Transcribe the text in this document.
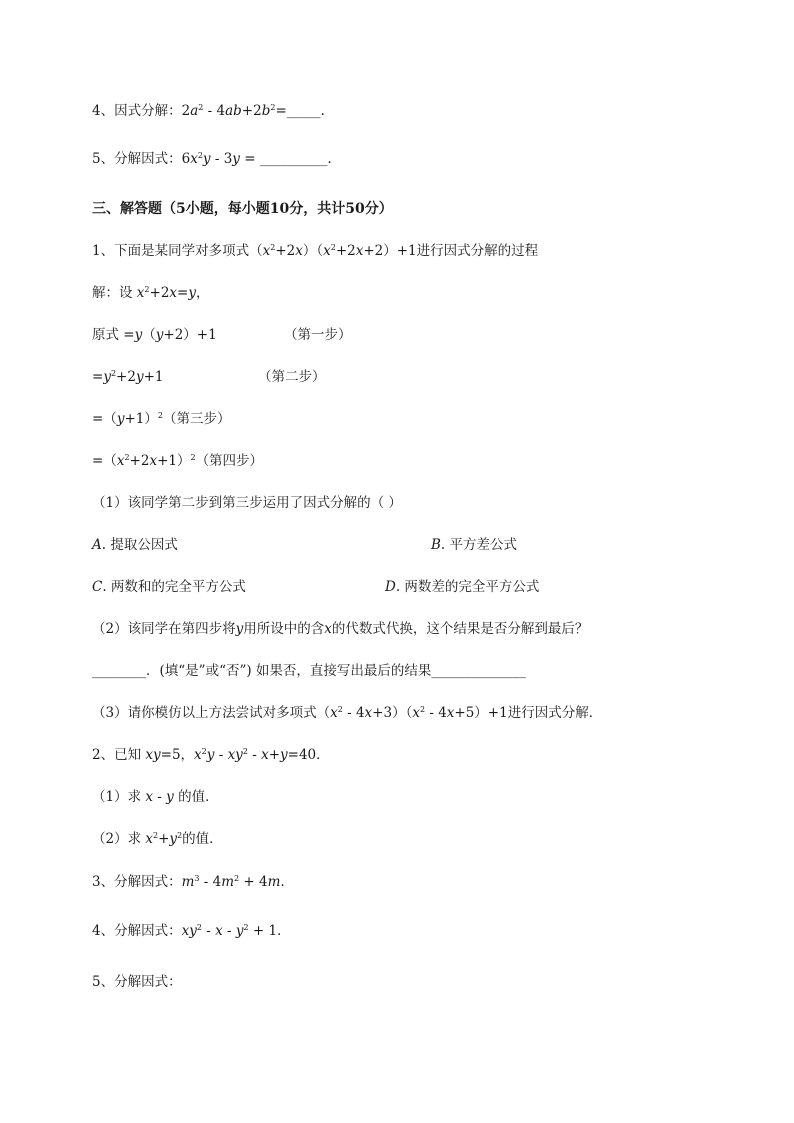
4、因式分解：$2a^2$ - $4ab+2b^2=\_\_\_\_\_$.
5、分解因式：$6x^2y - 3y$ = __________.
三、解答题（5小题，每小题10分，共计50分）
1、下面是某同学对多项式$(x^2+2x)(x^2+2x+2)+1$进行因式分解的过程
解：设 $x^2+2x=y$，
原式 =y（y+2）+1	（第一步）
$=y^2+2y+1$	（第二步）
$=(y+1)^2$（第三步）
$=(x^2+2x+1)^2$（第四步）
（1）该同学第二步到第三步运用了因式分解的（ ）
A. 提取公因式	B. 平方差公式
C. 两数和的完全平方公式	D. 两数差的完全平方公式
（2）该同学在第四步将y用所设中的含x的代数式代换，这个结果是否分解到最后？
________．(填“是”或“否”) 如果否，直接写出最后的结果______________
（3）请你模仿以上方法尝试对多项式$(x^2 - 4x+3)(x^2 - 4x+5)+1$进行因式分解．
2、已知 xy=5，$x^2y - xy^2 - x+y=40$．
（1）求 x - y 的值．
（2）求 $x^2+y^2$的值．
3、分解因式：$m^3 - 4m^2 + 4m$．
4、分解因式：$xy^2 - x - y^2 + 1$．
5、分解因式：
